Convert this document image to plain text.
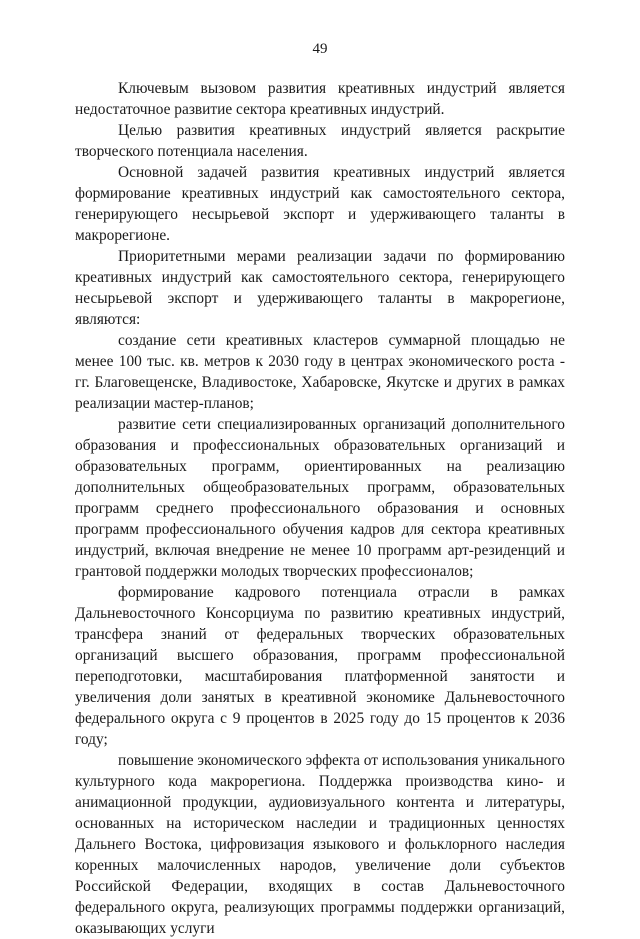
49

Ключевым вызовом развития креативных индустрий является недостаточное развитие сектора креативных индустрий.

Целью развития креативных индустрий является раскрытие творческого потенциала населения.

Основной задачей развития креативных индустрий является формирование креативных индустрий как самостоятельного сектора, генерирующего несырьевой экспорт и удерживающего таланты в макрорегионе.

Приоритетными мерами реализации задачи по формированию креативных индустрий как самостоятельного сектора, генерирующего несырьевой экспорт и удерживающего таланты в макрорегионе, являются:

создание сети креативных кластеров суммарной площадью не менее 100 тыс. кв. метров к 2030 году в центрах экономического роста - гг. Благовещенске, Владивостоке, Хабаровске, Якутске и других в рамках реализации мастер-планов;

развитие сети специализированных организаций дополнительного образования и профессиональных образовательных организаций и образовательных программ, ориентированных на реализацию дополнительных общеобразовательных программ, образовательных программ среднего профессионального образования и основных программ профессионального обучения кадров для сектора креативных индустрий, включая внедрение не менее 10 программ арт-резиденций и грантовой поддержки молодых творческих профессионалов;

формирование кадрового потенциала отрасли в рамках Дальневосточного Консорциума по развитию креативных индустрий, трансфера знаний от федеральных творческих образовательных организаций высшего образования, программ профессиональной переподготовки, масштабирования платформенной занятости и увеличения доли занятых в креативной экономике Дальневосточного федерального округа с 9 процентов в 2025 году до 15 процентов к 2036 году;

повышение экономического эффекта от использования уникального культурного кода макрорегиона. Поддержка производства кино- и анимационной продукции, аудиовизуального контента и литературы, основанных на историческом наследии и традиционных ценностях Дальнего Востока, цифровизация языкового и фольклорного наследия коренных малочисленных народов, увеличение доли субъектов Российской Федерации, входящих в состав Дальневосточного федерального округа, реализующих программы поддержки организаций, оказывающих услуги
